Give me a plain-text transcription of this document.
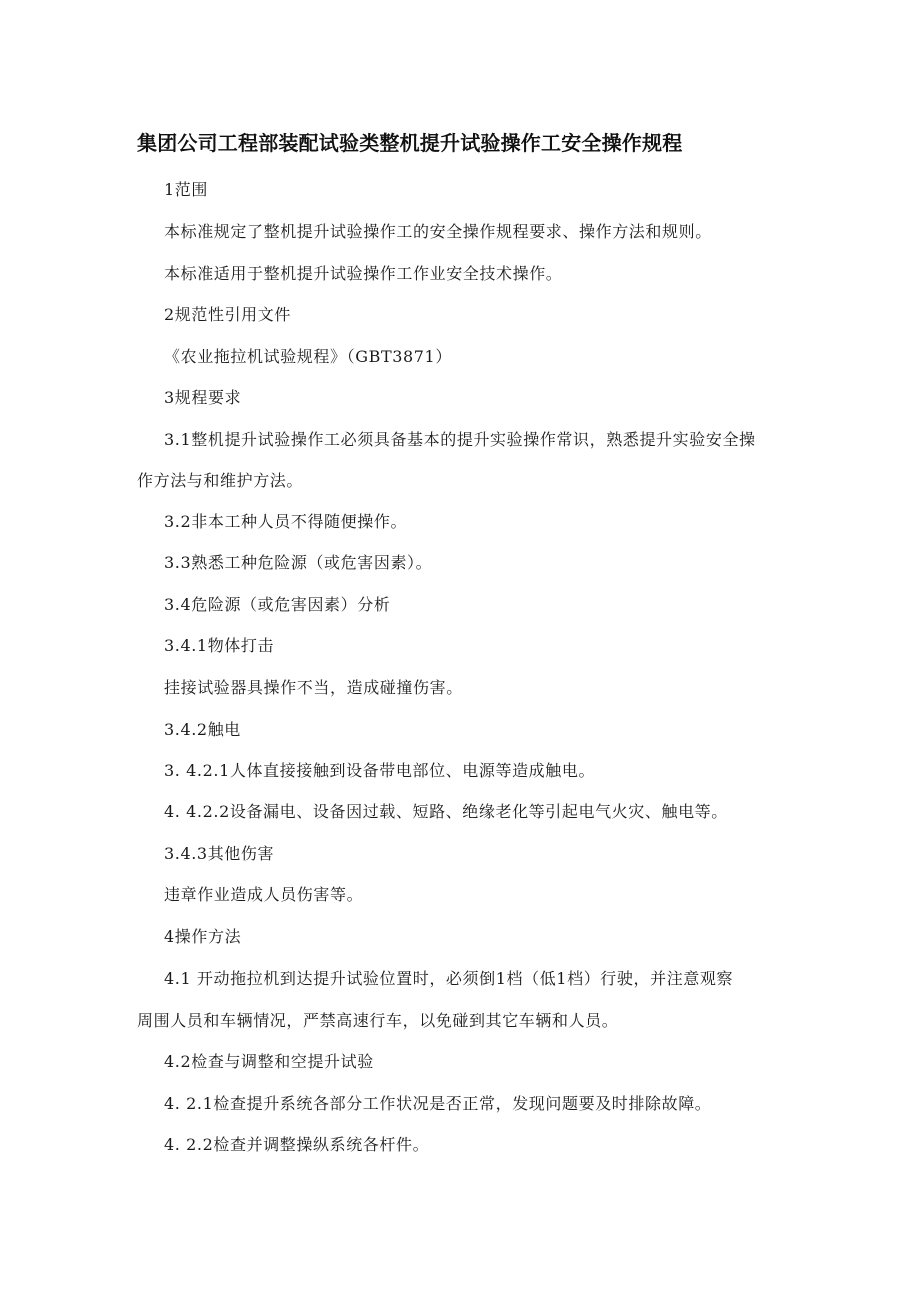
集团公司工程部装配试验类整机提升试验操作工安全操作规程
1范围
本标准规定了整机提升试验操作工的安全操作规程要求、操作方法和规则。
本标准适用于整机提升试验操作工作业安全技术操作。
2规范性引用文件
《农业拖拉机试验规程》（GBT3871）
3规程要求
3.1整机提升试验操作工必须具备基本的提升实验操作常识，熟悉提升实验安全操
作方法与和维护方法。
3.2非本工种人员不得随便操作。
3.3熟悉工种危险源（或危害因素）。
3.4危险源（或危害因素）分析
3.4.1物体打击
挂接试验器具操作不当，造成碰撞伤害。
3.4.2触电
3. 4.2.1人体直接接触到设备带电部位、电源等造成触电。
4. 4.2.2设备漏电、设备因过载、短路、绝缘老化等引起电气火灾、触电等。
3.4.3其他伤害
违章作业造成人员伤害等。
4操作方法
4.1 开动拖拉机到达提升试验位置时，必须倒1档（低1档）行驶，并注意观察
周围人员和车辆情况，严禁高速行车，以免碰到其它车辆和人员。
4.2检查与调整和空提升试验
4. 2.1检查提升系统各部分工作状况是否正常，发现问题要及时排除故障。
4. 2.2检查并调整操纵系统各杆件。
